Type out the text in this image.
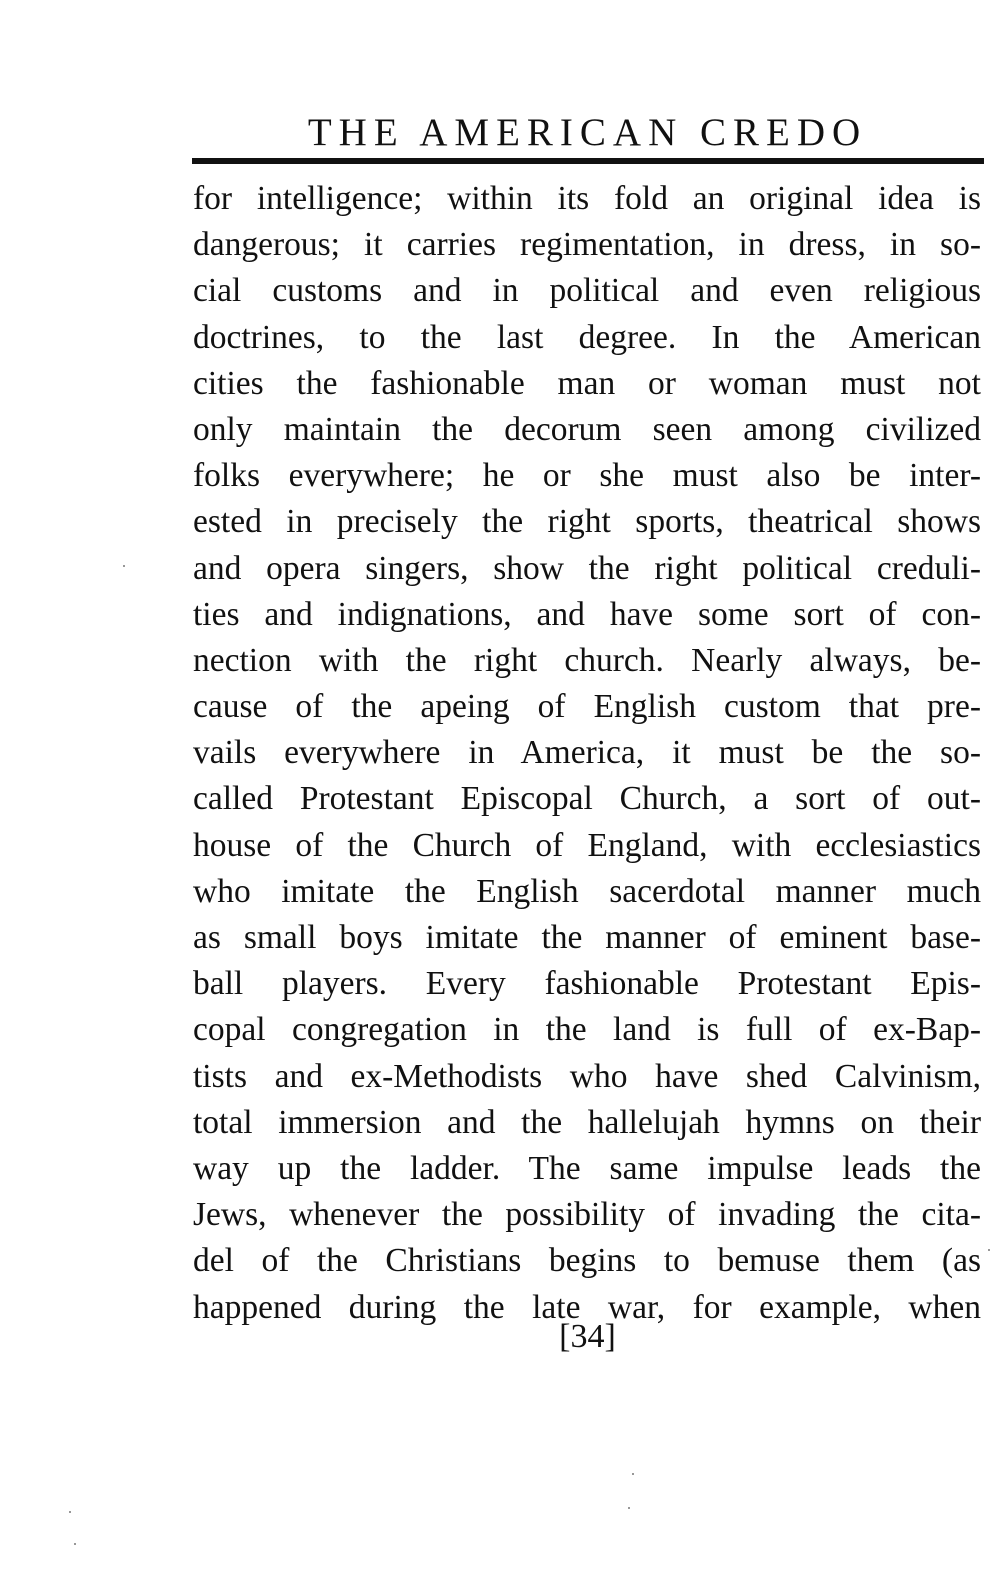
THE AMERICAN CREDO
for intelligence; within its fold an original idea is
dangerous; it carries regimentation, in dress, in so-
cial customs and in political and even religious
doctrines, to the last degree. In the American
cities the fashionable man or woman must not
only maintain the decorum seen among civilized
folks everywhere; he or she must also be inter-
ested in precisely the right sports, theatrical shows
and opera singers, show the right political creduli-
ties and indignations, and have some sort of con-
nection with the right church. Nearly always, be-
cause of the apeing of English custom that pre-
vails everywhere in America, it must be the so-
called Protestant Episcopal Church, a sort of out-
house of the Church of England, with ecclesiastics
who imitate the English sacerdotal manner much
as small boys imitate the manner of eminent base-
ball players. Every fashionable Protestant Epis-
copal congregation in the land is full of ex-Bap-
tists and ex-Methodists who have shed Calvinism,
total immersion and the hallelujah hymns on their
way up the ladder. The same impulse leads the
Jews, whenever the possibility of invading the cita-
del of the Christians begins to bemuse them (as
happened during the late war, for example, when
[34]
